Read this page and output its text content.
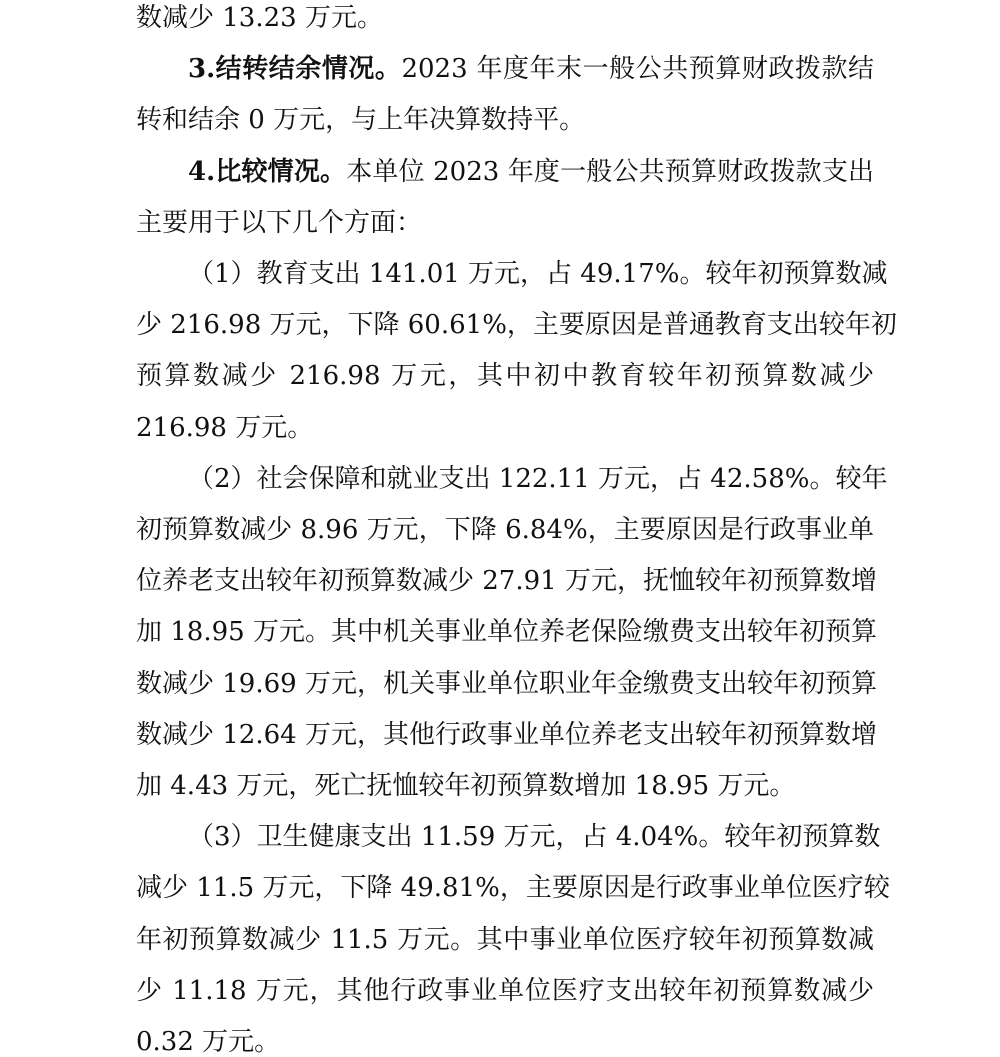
数减少 13.23 万元。
3.结转结余情况。2023 年度年末一般公共预算财政拨款结
转和结余 0 万元，与上年决算数持平。
4.比较情况。本单位 2023 年度一般公共预算财政拨款支出
主要用于以下几个方面：
（1）教育支出 141.01 万元，占 49.17%。较年初预算数减
少 216.98 万元，下降 60.61%，主要原因是普通教育支出较年初
预算数减少 216.98 万元，其中初中教育较年初预算数减少
216.98 万元。
（2）社会保障和就业支出 122.11 万元，占 42.58%。较年
初预算数减少 8.96 万元，下降 6.84%，主要原因是行政事业单
位养老支出较年初预算数减少 27.91 万元，抚恤较年初预算数增
加 18.95 万元。其中机关事业单位养老保险缴费支出较年初预算
数减少 19.69 万元，机关事业单位职业年金缴费支出较年初预算
数减少 12.64 万元，其他行政事业单位养老支出较年初预算数增
加 4.43 万元，死亡抚恤较年初预算数增加 18.95 万元。
（3）卫生健康支出 11.59 万元，占 4.04%。较年初预算数
减少 11.5 万元，下降 49.81%，主要原因是行政事业单位医疗较
年初预算数减少 11.5 万元。其中事业单位医疗较年初预算数减
少 11.18 万元，其他行政事业单位医疗支出较年初预算数减少
0.32 万元。
